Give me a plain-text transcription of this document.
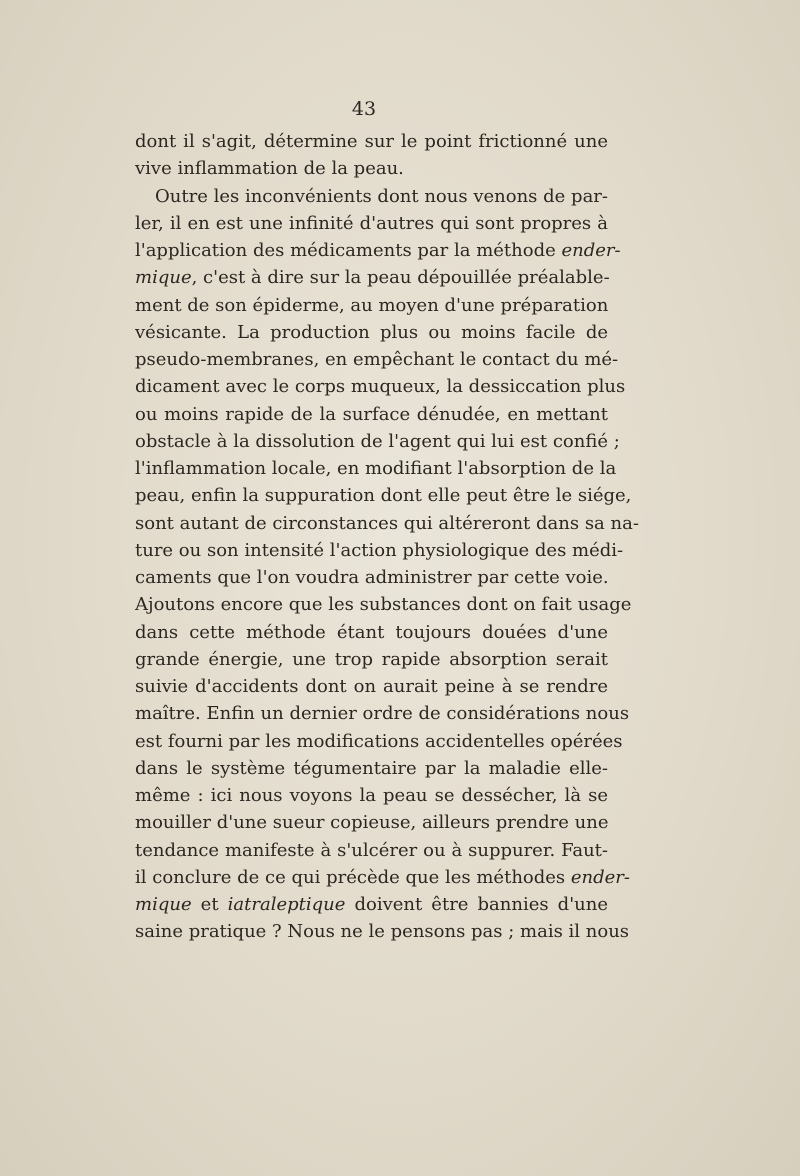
43
dont il s'agit, détermine sur le point frictionné une
vive inflammation de la peau.
Outre les inconvénients dont nous venons de par-
ler, il en est une infinité d'autres qui sont propres à
l'application des médicaments par la méthode ender-
mique, c'est à dire sur la peau dépouillée préalable-
ment de son épiderme, au moyen d'une préparation
vésicante. La production plus ou moins facile de
pseudo-membranes, en empêchant le contact du mé-
dicament avec le corps muqueux, la dessiccation plus
ou moins rapide de la surface dénudée, en mettant
obstacle à la dissolution de l'agent qui lui est confié ;
l'inflammation locale, en modifiant l'absorption de la
peau, enfin la suppuration dont elle peut être le siége,
sont autant de circonstances qui altéreront dans sa na-
ture ou son intensité l'action physiologique des médi-
caments que l'on voudra administrer par cette voie.
Ajoutons encore que les substances dont on fait usage
dans cette méthode étant toujours douées d'une
grande énergie, une trop rapide absorption serait
suivie d'accidents dont on aurait peine à se rendre
maître. Enfin un dernier ordre de considérations nous
est fourni par les modifications accidentelles opérées
dans le système tégumentaire par la maladie elle-
même : ici nous voyons la peau se dessécher, là se
mouiller d'une sueur copieuse, ailleurs prendre une
tendance manifeste à s'ulcérer ou à suppurer. Faut-
il conclure de ce qui précède que les méthodes ender-
mique et iatraleptique doivent être bannies d'une
saine pratique ? Nous ne le pensons pas ; mais il nous
